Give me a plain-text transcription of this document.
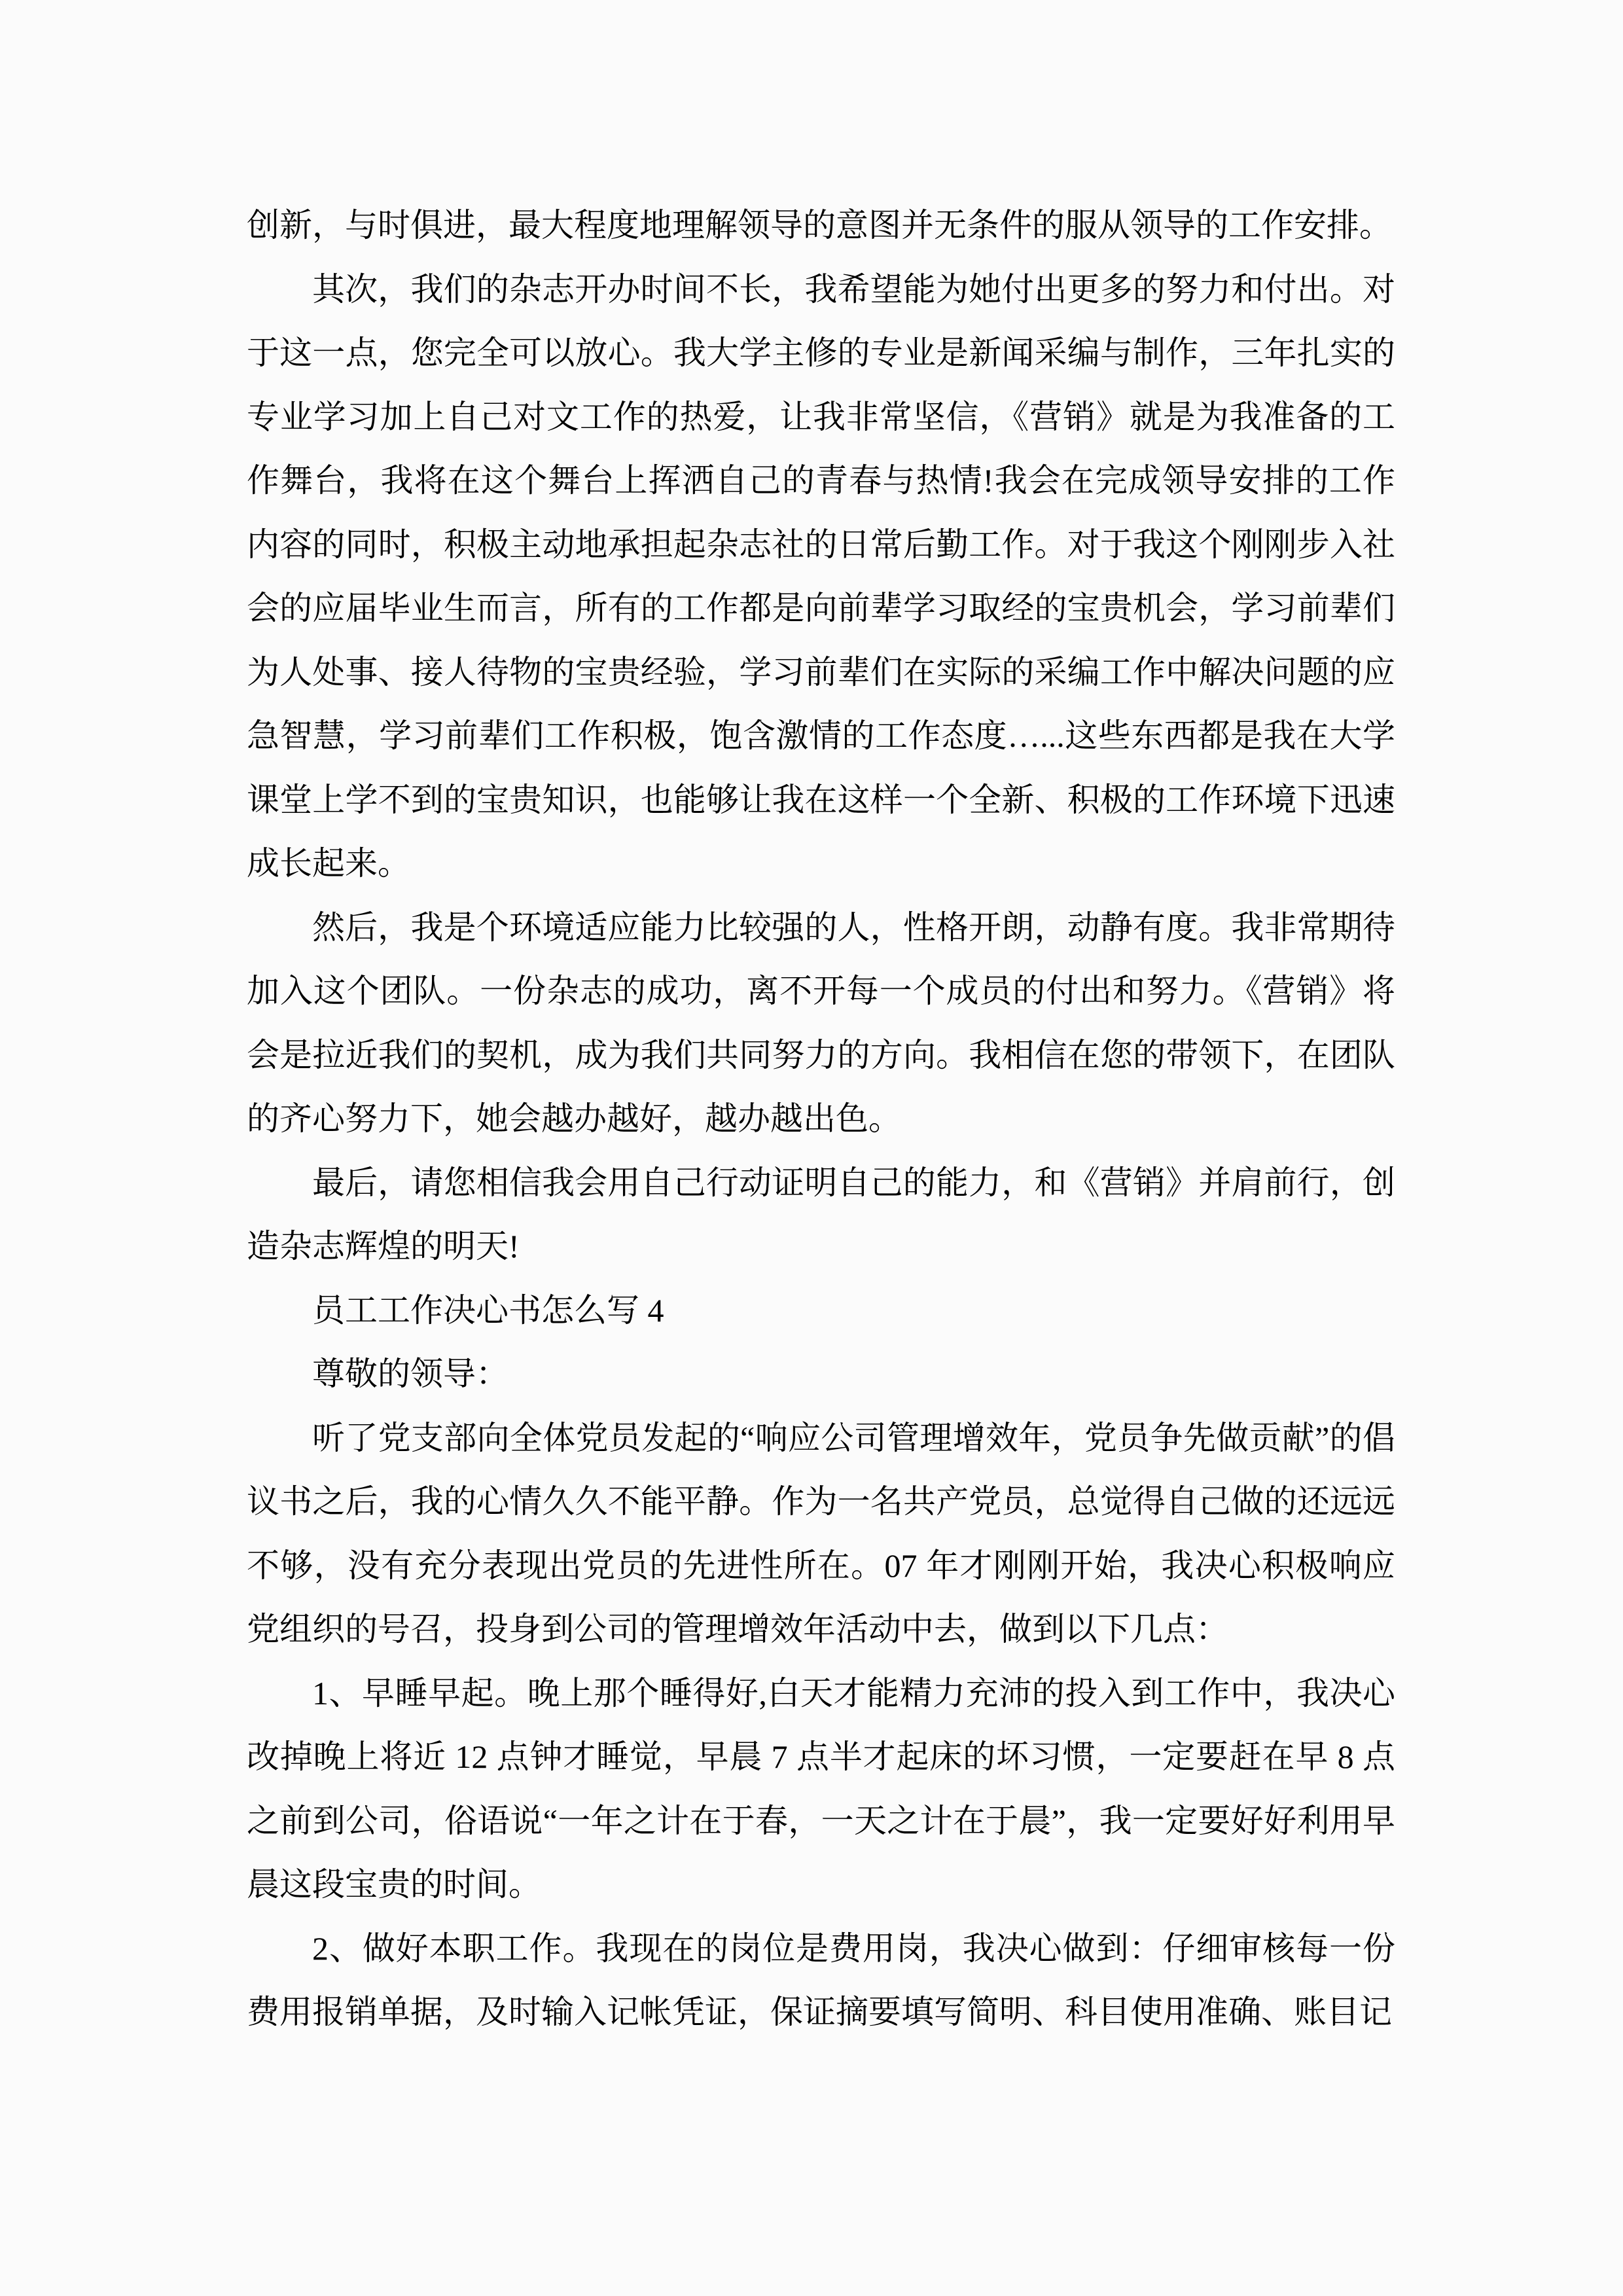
创新，与时俱进，最大程度地理解领导的意图并无条件的服从领导的工作安排。

其次，我们的杂志开办时间不长，我希望能为她付出更多的努力和付出。对于这一点，您完全可以放心。我大学主修的专业是新闻采编与制作，三年扎实的专业学习加上自己对文工作的热爱，让我非常坚信，《营销》就是为我准备的工作舞台，我将在这个舞台上挥洒自己的青春与热情!我会在完成领导安排的工作内容的同时，积极主动地承担起杂志社的日常后勤工作。对于我这个刚刚步入社会的应届毕业生而言，所有的工作都是向前辈学习取经的宝贵机会，学习前辈们为人处事、接人待物的宝贵经验，学习前辈们在实际的采编工作中解决问题的应急智慧，学习前辈们工作积极，饱含激情的工作态度…...这些东西都是我在大学课堂上学不到的宝贵知识，也能够让我在这样一个全新、积极的工作环境下迅速成长起来。

然后，我是个环境适应能力比较强的人，性格开朗，动静有度。我非常期待加入这个团队。一份杂志的成功，离不开每一个成员的付出和努力。《营销》将会是拉近我们的契机，成为我们共同努力的方向。我相信在您的带领下，在团队的齐心努力下，她会越办越好，越办越出色。

最后，请您相信我会用自己行动证明自己的能力，和《营销》并肩前行，创造杂志辉煌的明天!

员工工作决心书怎么写 4

尊敬的领导：

听了党支部向全体党员发起的“响应公司管理增效年，党员争先做贡献”的倡议书之后，我的心情久久不能平静。作为一名共产党员，总觉得自己做的还远远不够，没有充分表现出党员的先进性所在。07 年才刚刚开始，我决心积极响应党组织的号召，投身到公司的管理增效年活动中去，做到以下几点：

1、早睡早起。晚上那个睡得好,白天才能精力充沛的投入到工作中，我决心改掉晚上将近 12 点钟才睡觉，早晨 7 点半才起床的坏习惯，一定要赶在早 8 点之前到公司，俗语说“一年之计在于春，一天之计在于晨”，我一定要好好利用早晨这段宝贵的时间。

2、做好本职工作。我现在的岗位是费用岗，我决心做到：仔细审核每一份费用报销单据，及时输入记帐凭证，保证摘要填写简明、科目使用准确、账目记
